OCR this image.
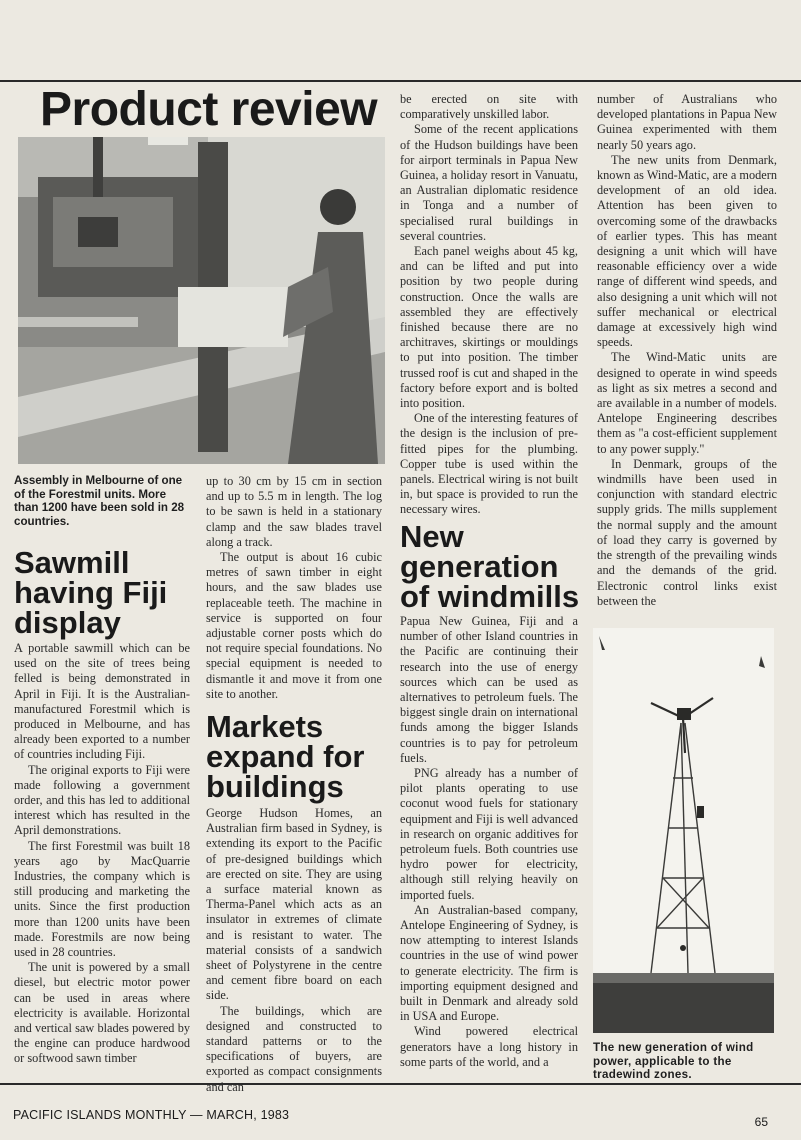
Product review
Assembly in Melbourne of one of the Forestmil units. More than 1200 have been sold in 28 countries.
Sawmill having Fiji display

A portable sawmill which can be used on the site of trees being felled is being demonstrated in April in Fiji. It is the Australian-manufactured Forestmil which is produced in Melbourne, and has already been exported to a number of countries including Fiji.

The original exports to Fiji were made following a government order, and this has led to additional interest which has resulted in the April demonstrations.

The first Forestmil was built 18 years ago by MacQuarrie Industries, the company which is still producing and marketing the units. Since the first production more than 1200 units have been made. Forestmils are now being used in 28 countries.

The unit is powered by a small diesel, but electric motor power can be used in areas where electricity is available. Horizontal and vertical saw blades powered by the engine can produce hardwood or softwood sawn timber

up to 30 cm by 15 cm in section and up to 5.5 m in length. The log to be sawn is held in a stationary clamp and the saw blades travel along a track.

The output is about 16 cubic metres of sawn timber in eight hours, and the saw blades use replaceable teeth. The machine in service is supported on four adjustable corner posts which do not require special foundations. No special equipment is needed to dismantle it and move it from one site to another.

Markets expand for buildings

George Hudson Homes, an Australian firm based in Sydney, is extending its export to the Pacific of pre-designed buildings which are erected on site. They are using a surface material known as Therma-Panel which acts as an insulator in extremes of climate and is resistant to water. The material consists of a sandwich sheet of Polystyrene in the centre and cement fibre board on each side.

The buildings, which are designed and constructed to standard patterns or to the specifications of buyers, are exported as compact consignments and can

be erected on site with comparatively unskilled labor.

Some of the recent applications of the Hudson buildings have been for airport terminals in Papua New Guinea, a holiday resort in Vanuatu, an Australian diplomatic residence in Tonga and a number of specialised rural buildings in several countries.

Each panel weighs about 45 kg, and can be lifted and put into position by two people during construction. Once the walls are assembled they are effectively finished because there are no architraves, skirtings or mouldings to put into position. The timber trussed roof is cut and shaped in the factory before export and is bolted into position.

One of the interesting features of the design is the inclusion of pre-fitted pipes for the plumbing. Copper tube is used within the panels. Electrical wiring is not built in, but space is provided to run the necessary wires.

New generation of windmills

Papua New Guinea, Fiji and a number of other Island countries in the Pacific are continuing their research into the use of energy sources which can be used as alternatives to petroleum fuels. The biggest single drain on international funds among the bigger Islands countries is to pay for petroleum fuels.

PNG already has a number of pilot plants operating to use coconut wood fuels for stationary equipment and Fiji is well advanced in research on organic additives for petroleum fuels. Both countries use hydro power for electricity, although still relying heavily on imported fuels.

An Australian-based company, Antelope Engineering of Sydney, is now attempting to interest Islands countries in the use of wind power to generate electricity. The firm is importing equipment designed and built in Denmark and already sold in USA and Europe.

Wind powered electrical generators have a long history in some parts of the world, and a

number of Australians who developed plantations in Papua New Guinea experimented with them nearly 50 years ago.

The new units from Denmark, known as Wind-Matic, are a modern development of an old idea. Attention has been given to overcoming some of the drawbacks of earlier types. This has meant designing a unit which will have reasonable efficiency over a wide range of different wind speeds, and also designing a unit which will not suffer mechanical or electrical damage at excessively high wind speeds.

The Wind-Matic units are designed to operate in wind speeds as light as six metres a second and are available in a number of models. Antelope Engineering describes them as "a cost-efficient supplement to any power supply."

In Denmark, groups of the windmills have been used in conjunction with standard electric supply grids. The mills supplement the normal supply and the amount of load they carry is governed by the strength of the prevailing winds and the demands of the grid. Electronic control links exist between the

The new generation of wind power, applicable to the tradewind zones.
PACIFIC ISLANDS MONTHLY — MARCH, 1983	65
